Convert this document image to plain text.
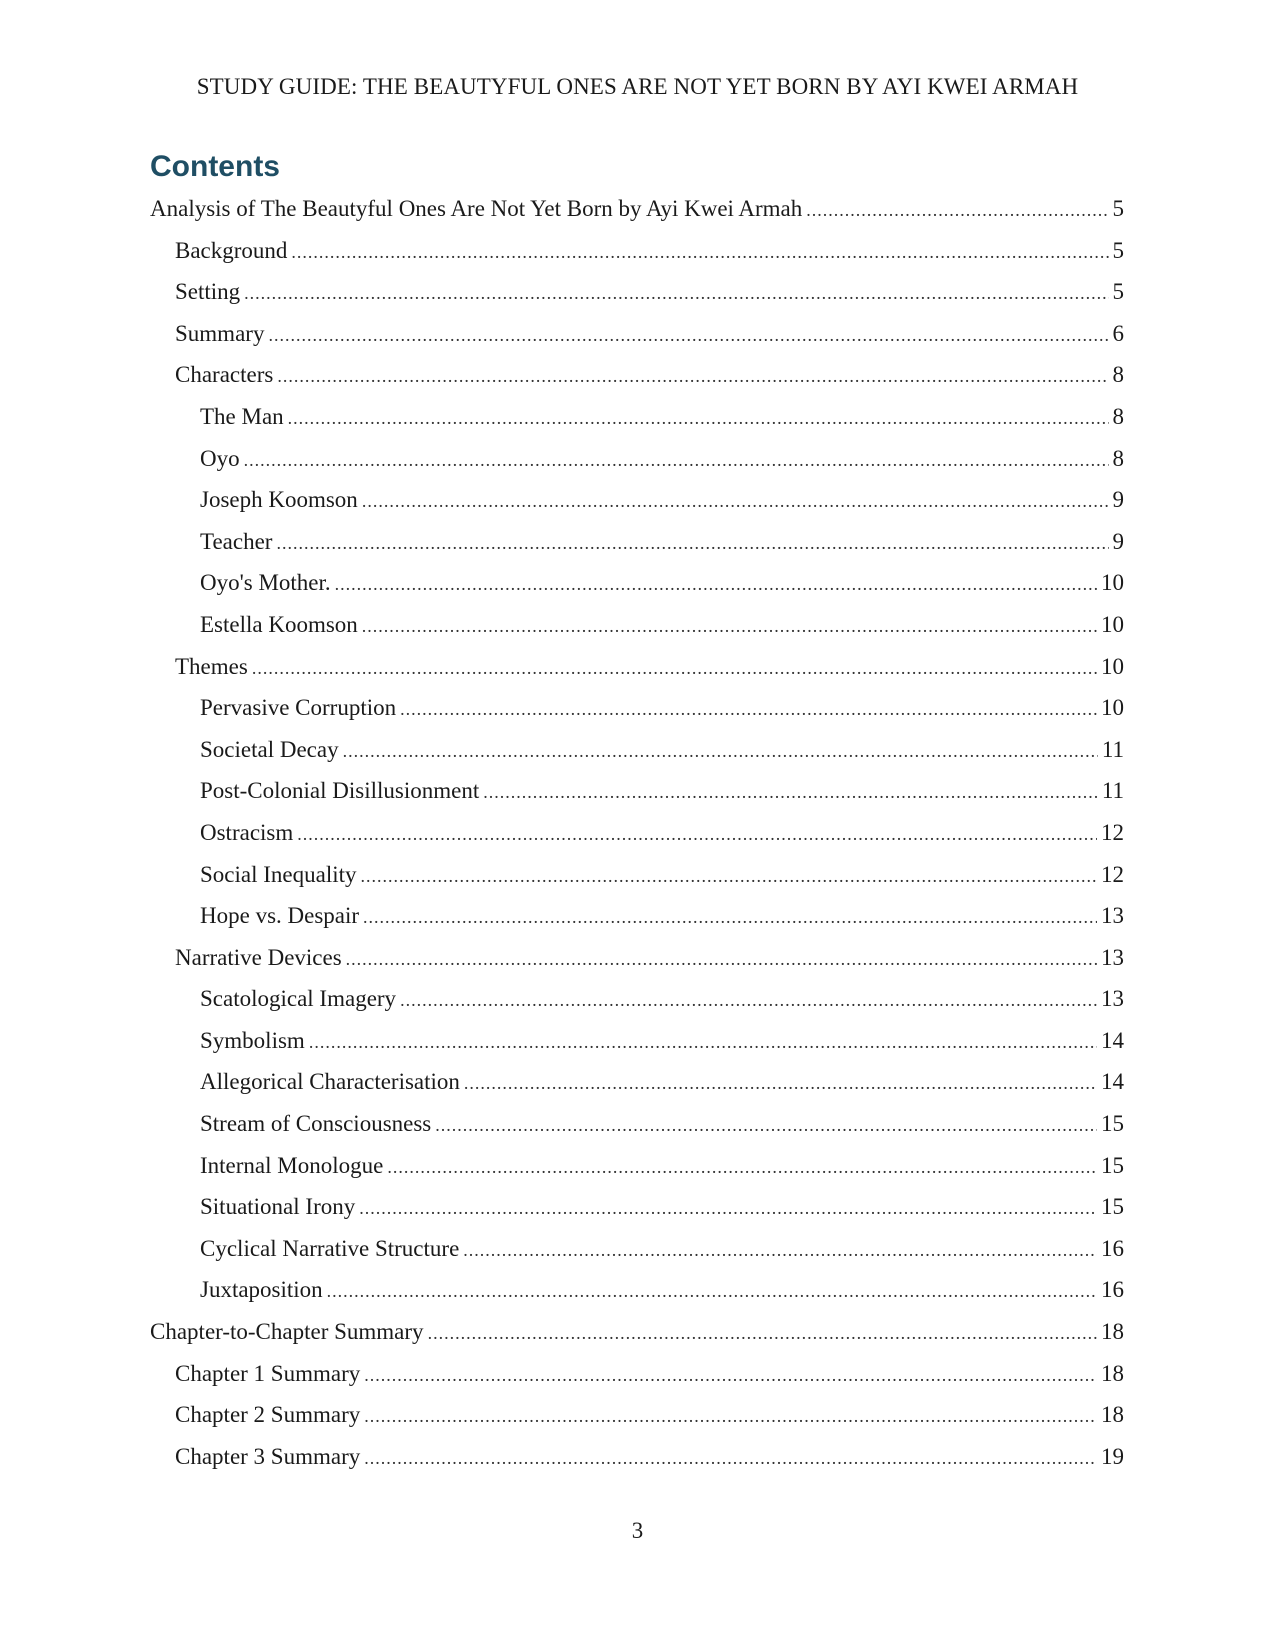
STUDY GUIDE: THE BEAUTYFUL ONES ARE NOT YET BORN BY AYI KWEI ARMAH
Contents
Analysis of The Beautyful Ones Are Not Yet Born by Ayi Kwei Armah .....	5
Background .....	5
Setting .....	5
Summary .....	6
Characters .....	8
The Man .....	8
Oyo .....	8
Joseph Koomson .....	9
Teacher .....	9
Oyo's Mother. .....	10
Estella Koomson .....	10
Themes .....	10
Pervasive Corruption .....	10
Societal Decay .....	11
Post-Colonial Disillusionment .....	11
Ostracism .....	12
Social Inequality .....	12
Hope vs. Despair .....	13
Narrative Devices .....	13
Scatological Imagery .....	13
Symbolism .....	14
Allegorical Characterisation .....	14
Stream of Consciousness .....	15
Internal Monologue .....	15
Situational Irony .....	15
Cyclical Narrative Structure .....	16
Juxtaposition .....	16
Chapter-to-Chapter Summary .....	18
Chapter 1 Summary .....	18
Chapter 2 Summary .....	18
Chapter 3 Summary .....	19
3
